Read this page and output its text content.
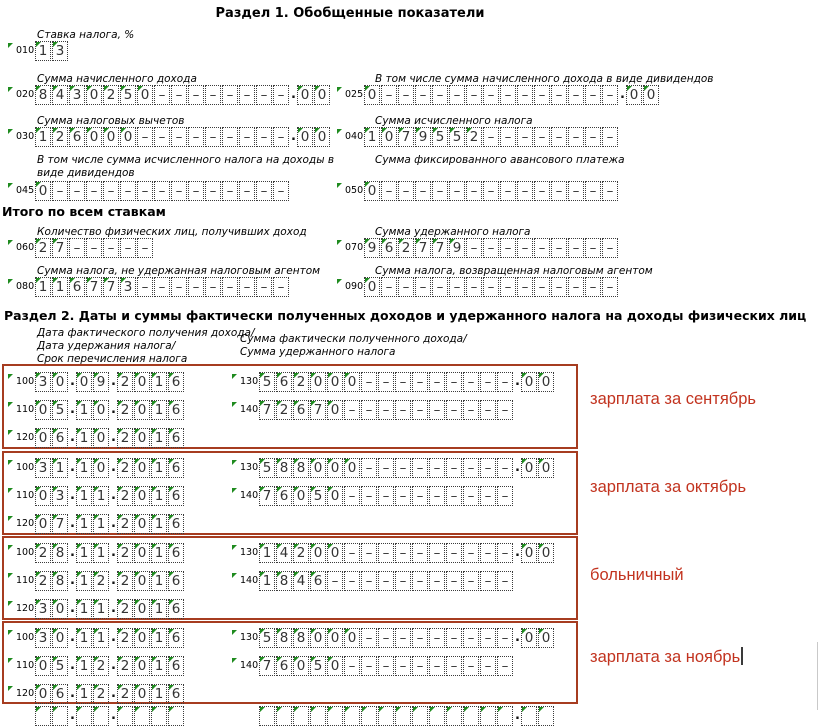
Раздел 1. Обобщенные показатели
Ставка налога, %
010 1 3
Сумма начисленного дохода	В том числе сумма начисленного дохода в виде дивидендов
020 8 4 3 0 2 5 0 – – – – – – – – . 0 0	025 0 – – – – – – – – – – – – – – . 0 0
Сумма налоговых вычетов	Сумма исчисленного налога
030 1 2 6 0 0 0 – – – – – – – – – . 0 0	040 1 0 7 9 5 5 2 – – – – – – – –
В том числе сумма исчисленного налога на доходы в виде дивидендов
Сумма фиксированного авансового платежа
045 0 – – – – – – – – – – – – – –	050 0 – – – – – – – – – – – – – –
Итого по всем ставкам
Количество физических лиц, получивших доход	Сумма удержанного налога
060 2 7 – – – – –	070 9 6 2 7 7 9 – – – – – – – – –
Сумма налога, не удержанная налоговым агентом	Сумма налога, возвращенная налоговым агентом
080 1 1 6 7 7 3 – – – – – – – – –	090 0 – – – – – – – – – – – – – –
Раздел 2. Даты и суммы фактически полученных доходов и удержанного налога на доходы физических лиц
Дата фактического получения дохода/
Дата удержания налога/
Срок перечисления налога
Сумма фактически полученного дохода/
Сумма удержанного налога
100 3 0 . 0 9 . 2 0 1 6
110 0 5 . 1 0 . 2 0 1 6
120 0 6 . 1 0 . 2 0 1 6
130 5 6 2 0 0 0 – – – – – – – – – . 0 0
140 7 2 6 7 0 – – – – – – – – – –
зарплата за сентябрь
100 3 1 . 1 0 . 2 0 1 6
110 0 3 . 1 1 . 2 0 1 6
120 0 7 . 1 1 . 2 0 1 6
130 5 8 8 0 0 0 – – – – – – – – – . 0 0
140 7 6 0 5 0 – – – – – – – – – –	зарплата за октябрь
100 2 8 . 1 1 . 2 0 1 6
110 2 8 . 1 2 . 2 0 1 6
120 3 0 . 1 1 . 2 0 1 6
130 1 4 2 0 0 – – – – – – – – – – . 0 0
140 1 8 4 6 – – – – – – – – – – –	больничный
100 3 0 . 1 1 . 2 0 1 6
110 0 5 . 1 2 . 2 0 1 6
120 0 6 . 1 2 . 2 0 1 6
130 5 8 8 0 0 0 – – – – – – – – – . 0 0
140 7 6 0 5 0 – – – – – – – – – –	зарплата за ноябрь

.

	.

	.
